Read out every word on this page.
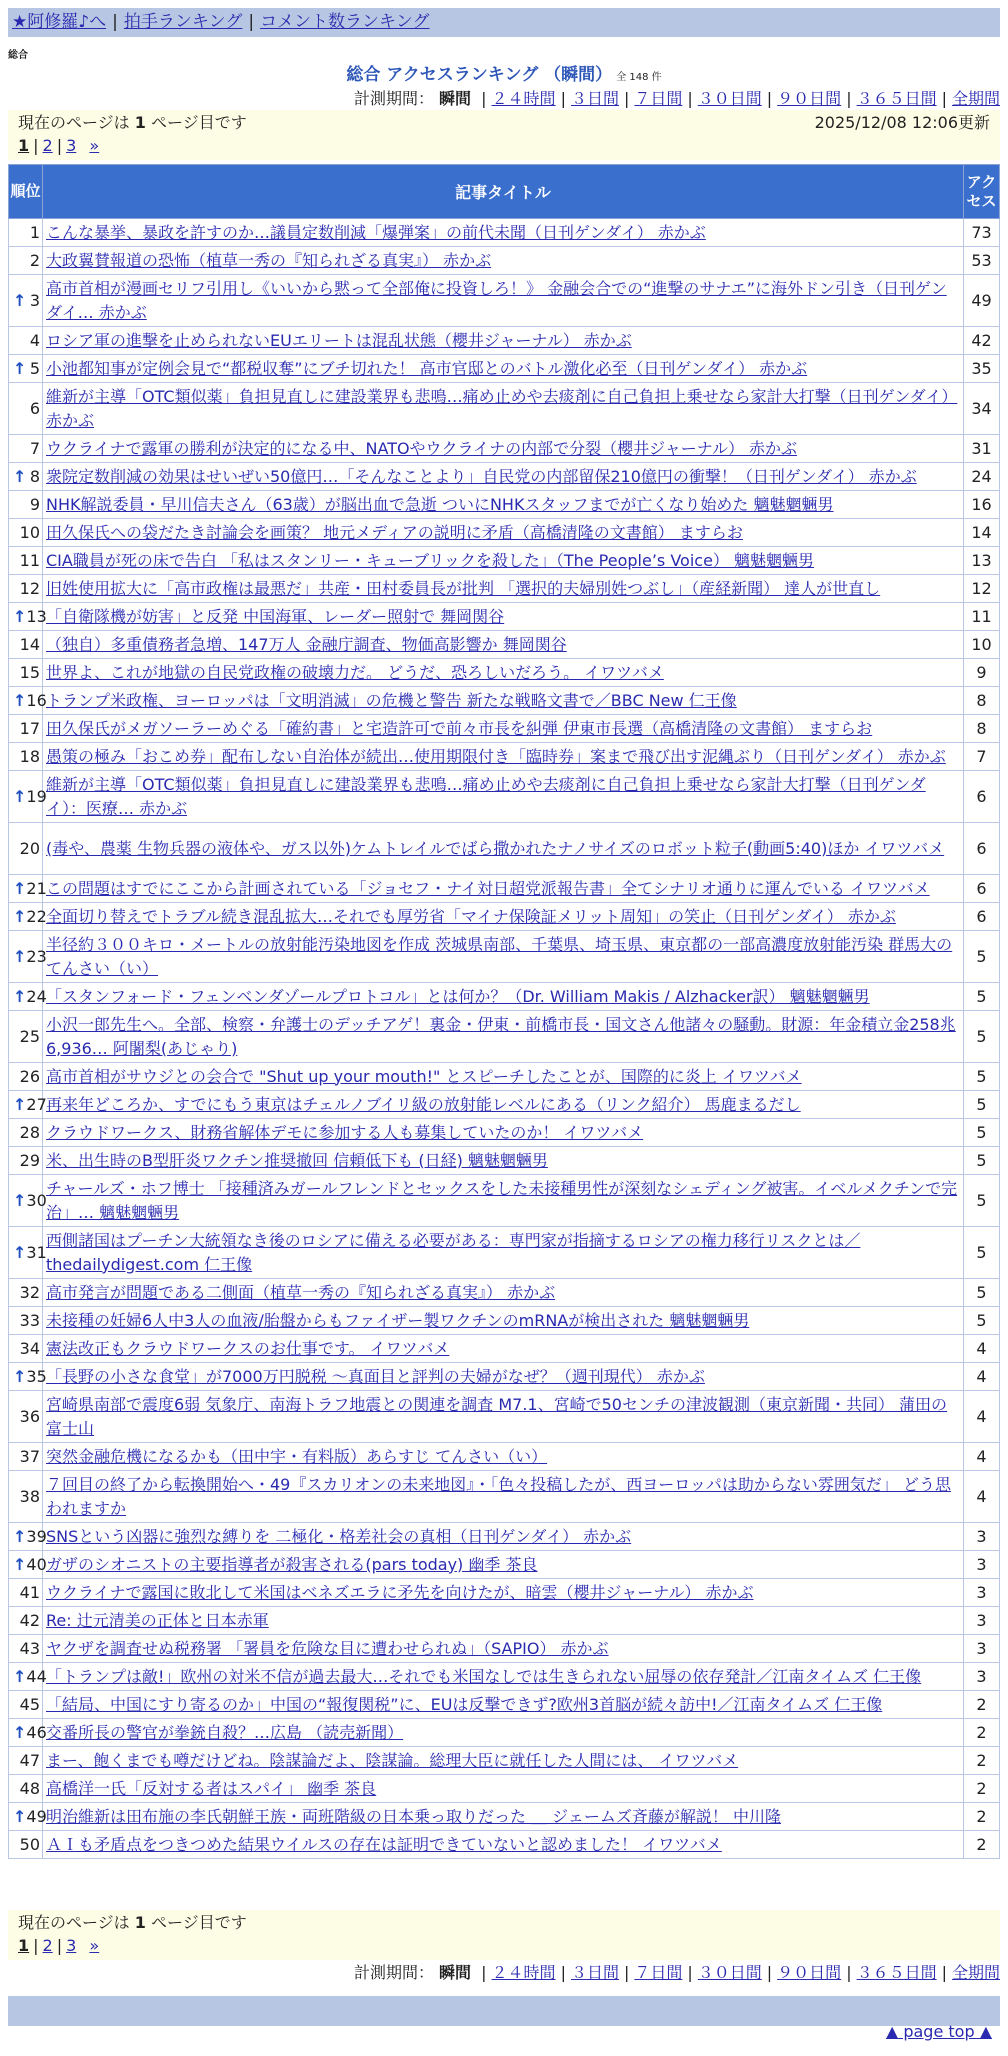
★阿修羅♪へ | 拍手ランキング | コメント数ランキング
総合
総合 アクセスランキング （瞬間） 全 148 件
計測期間： 瞬間 | ２４時間 | ３日間 | ７日間 | ３０日間 | ９０日間 | ３６５日間 | 全期間
現在のページは 1 ページ目です	2025/12/08 12:06更新
1 | 2 | 3 »
順位	記事タイトル	アクセス
1	こんな暴挙、暴政を許すのか…議員定数削減「爆弾案」の前代未聞（日刊ゲンダイ） 赤かぶ	73
2	大政翼賛報道の恐怖（植草一秀の『知られざる真実』） 赤かぶ	53

↑ 3	高市首相が漫画セリフ引用し《いいから黙って全部俺に投資しろ！》 金融会合での“進撃のサナエ”に海外ドン引き（日刊ゲンダイ… 赤かぶ	49
4	ロシア軍の進撃を止められないEUエリートは混乱状態（櫻井ジャーナル） 赤かぶ	42

↑ 5	小池都知事が定例会見で“都税収奪”にブチ切れた！ 高市官邸とのバトル激化必至（日刊ゲンダイ） 赤かぶ	35
6	維新が主導「OTC類似薬」負担見直しに建設業界も悲鳴…痛め止めや去痰剤に自己負担上乗せなら家計大打撃（日刊ゲンダイ） 赤かぶ	34
7	ウクライナで露軍の勝利が決定的になる中、NATOやウクライナの内部で分裂（櫻井ジャーナル） 赤かぶ	31

↑ 8	衆院定数削減の効果はせいぜい50億円…「そんなことより」自民党の内部留保210億円の衝撃！（日刊ゲンダイ） 赤かぶ	24
9	NHK解説委員・早川信夫さん（63歳）が脳出血で急逝 ついにNHKスタッフまでが亡くなり始めた 魑魅魍魎男	16
10	田久保氏への袋だたき討論会を画策？ 地元メディアの説明に矛盾（高橋清隆の文書館） ますらお	14
11	CIA職員が死の床で告白 「私はスタンリー・キューブリックを殺した」（The People’s Voice） 魑魅魍魎男	13
12	旧姓使用拡大に「高市政権は最悪だ」共産・田村委員長が批判 「選択的夫婦別姓つぶし」（産経新聞） 達人が世直し	12

↑ 13	「自衛隊機が妨害」と反発 中国海軍、レーダー照射で 舞岡関谷	11
14	（独自）多重債務者急増、147万人 金融庁調査、物価高影響か 舞岡関谷	10
15	世界よ、これが地獄の自民党政権の破壊力だ。 どうだ、恐ろしいだろう。 イワツバメ	9

↑ 16	トランプ米政権、ヨーロッパは「文明消滅」の危機と警告 新たな戦略文書で／BBC New 仁王像	8
17	田久保氏がメガソーラーめぐる「確約書」と宅造許可で前々市長を糾弾 伊東市長選（高橋清隆の文書館） ますらお	8
18	愚策の極み「おこめ券」配布しない自治体が続出…使用期限付き「臨時券」案まで飛び出す泥縄ぶり（日刊ゲンダイ） 赤かぶ	7

↑ 19	維新が主導「OTC類似薬」負担見直しに建設業界も悲鳴…痛め止めや去痰剤に自己負担上乗せなら家計大打撃（日刊ゲンダイ）：医療… 赤かぶ	6
20	(毒や、農薬 生物兵器の液体や、ガス以外)ケムトレイルでばら撒かれたナノサイズのロボット粒子(動画5:40)ほか イワツバメ	6

↑ 21	この問題はすでにここから計画されている「ジョセフ・ナイ対日超党派報告書」全てシナリオ通りに運んでいる イワツバメ	6

↑ 22	全面切り替えでトラブル続き混乱拡大…それでも厚労省「マイナ保険証メリット周知」の笑止（日刊ゲンダイ） 赤かぶ	6

↑ 23	半径約３００キロ・メートルの放射能汚染地図を作成 茨城県南部、千葉県、埼玉県、東京都の一部高濃度放射能汚染 群馬大の てんさい（い）	5

↑ 24	「スタンフォード・フェンベンダゾールプロトコル」とは何か？（Dr. William Makis / Alzhacker訳） 魑魅魍魎男	5
25	小沢一郎先生へ。全部、検察・弁護士のデッチアゲ！裏金・伊東・前橋市長・国文さん他諸々の騒動。財源：年金積立金258兆6,936… 阿闍梨(あじゃり)	5
26	高市首相がサウジとの会合で "Shut up your mouth!" とスピーチしたことが、国際的に炎上 イワツバメ	5

↑ 27	再来年どころか、すでにもう東京はチェルノブイリ級の放射能レベルにある（リンク紹介） 馬鹿まるだし	5
28	クラウドワークス、財務省解体デモに参加する人も募集していたのか！ イワツバメ	5
29	米、出生時のB型肝炎ワクチン推奨撤回 信頼低下も (日経) 魑魅魍魎男	5

↑ 30	チャールズ・ホフ博士 「接種済みガールフレンドとセックスをした未接種男性が深刻なシェディング被害。イベルメクチンで完治」… 魑魅魍魎男	5

↑ 31	西側諸国はプーチン大統領なき後のロシアに備える必要がある：専門家が指摘するロシアの権力移行リスクとは／ thedailydigest.com 仁王像	5
32	高市発言が問題である二側面（植草一秀の『知られざる真実』） 赤かぶ	5
33	未接種の妊婦6人中3人の血液/胎盤からもファイザー製ワクチンのmRNAが検出された 魑魅魍魎男	5
34	憲法改正もクラウドワークスのお仕事です。 イワツバメ	4

↑ 35	「長野の小さな食堂」が7000万円脱税 ～真面目と評判の夫婦がなぜ？（週刊現代） 赤かぶ	4
36	宮崎県南部で震度6弱 気象庁、南海トラフ地震との関連を調査 M7.1、宮崎で50センチの津波観測（東京新聞・共同） 蒲田の富士山	4
37	突然金融危機になるかも（田中宇・有料版）あらすじ てんさい（い）	4
38	７回目の終了から転換開始へ・49『スカリオンの未来地図』・「色々投稿したが、西ヨーロッパは助からない雰囲気だ」 どう思われますか	4

↑ 39	SNSという凶器に強烈な縛りを 二極化・格差社会の真相（日刊ゲンダイ） 赤かぶ	3

↑ 40	ガザのシオニストの主要指導者が殺害される(pars today) 幽季 茶良	3
41	ウクライナで露国に敗北して米国はベネズエラに矛先を向けたが、暗雲（櫻井ジャーナル） 赤かぶ	3
42	Re: 辻元清美の正体と日本赤軍	3
43	ヤクザを調査せぬ税務署 「署員を危険な目に遭わせられぬ」（SAPIO） 赤かぶ	3

↑ 44	「トランプは敵!」欧州の対米不信が過去最大…それでも米国なしでは生きられない屈辱の依存発計／江南タイムズ 仁王像	3
45	「結局、中国にすり寄るのか」中国の“報復関税”に、EUは反撃できず?欧州3首脳が続々訪中!／江南タイムズ 仁王像	2

↑ 46	交番所長の警官が拳銃自殺？…広島 （読売新聞）	2
47	まー、飽くまでも噂だけどね。陰謀論だよ、陰謀論。総理大臣に就任した人間には、 イワツバメ	2
48	高橋洋一氏「反対する者はスパイ」 幽季 茶良	2

↑ 49	明治維新は田布施の李氏朝鮮王族・両班階級の日本乗っ取りだった ＿ ジェームズ斉藤が解説！ 中川隆	2
50	ＡＩも矛盾点をつきつめた結果ウイルスの存在は証明できていないと認めました！ イワツバメ	2
現在のページは 1 ページ目です
1 | 2 | 3 »
計測期間： 瞬間 | ２４時間 | ３日間 | ７日間 | ３０日間 | ９０日間 | ３６５日間 | 全期間
▲ page top ▲
